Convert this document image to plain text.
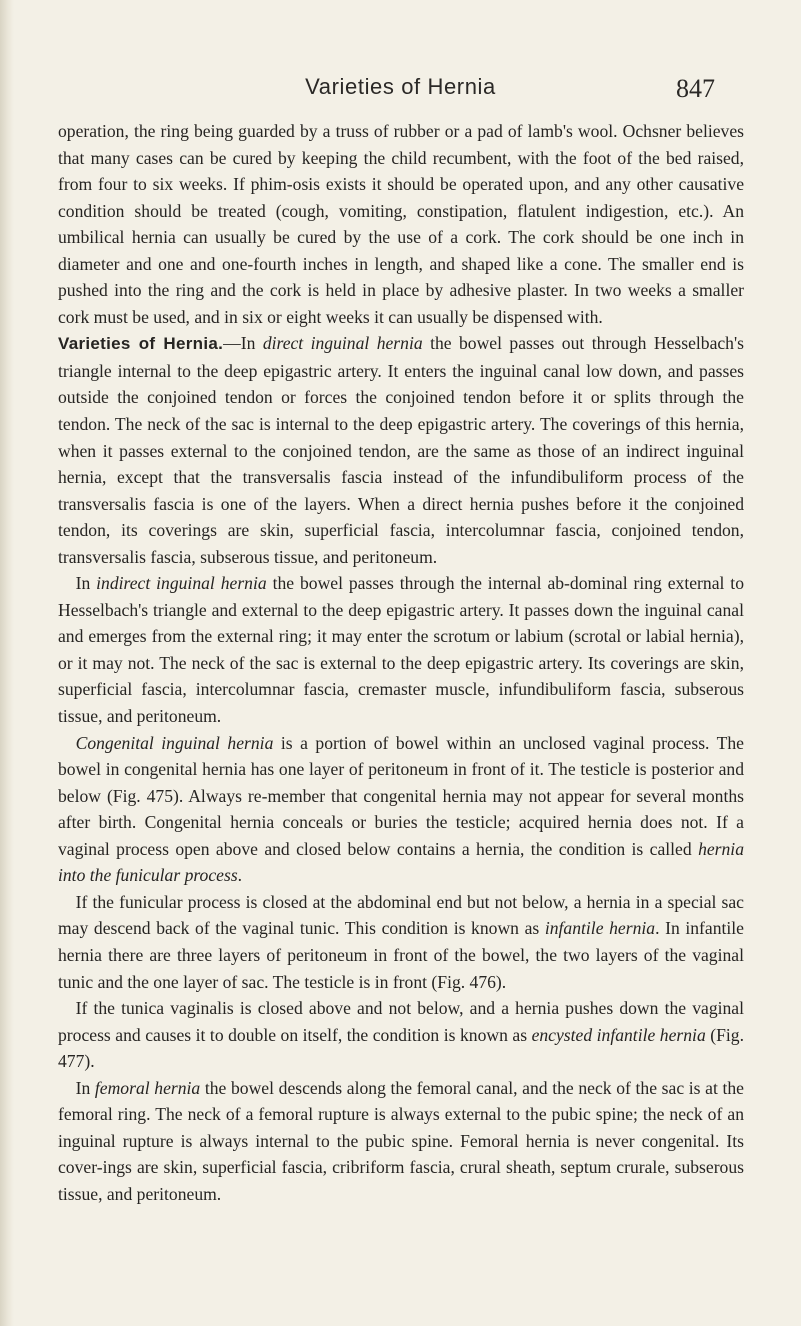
Varieties of Hernia	847

operation, the ring being guarded by a truss of rubber or a pad of lamb's wool. Ochsner believes that many cases can be cured by keeping the child recumbent, with the foot of the bed raised, from four to six weeks. If phim-osis exists it should be operated upon, and any other causative condition should be treated (cough, vomiting, constipation, flatulent indigestion, etc.). An umbilical hernia can usually be cured by the use of a cork. The cork should be one inch in diameter and one and one-fourth inches in length, and shaped like a cone. The smaller end is pushed into the ring and the cork is held in place by adhesive plaster. In two weeks a smaller cork must be used, and in six or eight weeks it can usually be dispensed with.

Varieties of Hernia.—In direct inguinal hernia the bowel passes out through Hesselbach's triangle internal to the deep epigastric artery. It enters the inguinal canal low down, and passes outside the conjoined tendon or forces the conjoined tendon before it or splits through the tendon. The neck of the sac is internal to the deep epigastric artery. The coverings of this hernia, when it passes external to the conjoined tendon, are the same as those of an indirect inguinal hernia, except that the transversalis fascia instead of the infundibuliform process of the transversalis fascia is one of the layers. When a direct hernia pushes before it the conjoined tendon, its coverings are skin, superficial fascia, intercolumnar fascia, conjoined tendon, transversalis fascia, subserous tissue, and peritoneum.

 In indirect inguinal hernia the bowel passes through the internal ab-dominal ring external to Hesselbach's triangle and external to the deep epigastric artery. It passes down the inguinal canal and emerges from the external ring; it may enter the scrotum or labium (scrotal or labial hernia), or it may not. The neck of the sac is external to the deep epigastric artery. Its coverings are skin, superficial fascia, intercolumnar fascia, cremaster muscle, infundibuliform fascia, subserous tissue, and peritoneum.

 Congenital inguinal hernia is a portion of bowel within an unclosed vaginal process. The bowel in congenital hernia has one layer of peritoneum in front of it. The testicle is posterior and below (Fig. 475). Always re-member that congenital hernia may not appear for several months after birth. Congenital hernia conceals or buries the testicle; acquired hernia does not. If a vaginal process open above and closed below contains a hernia, the condition is called hernia into the funicular process.

 If the funicular process is closed at the abdominal end but not below, a hernia in a special sac may descend back of the vaginal tunic. This condition is known as infantile hernia. In infantile hernia there are three layers of peritoneum in front of the bowel, the two layers of the vaginal tunic and the one layer of sac. The testicle is in front (Fig. 476).

 If the tunica vaginalis is closed above and not below, and a hernia pushes down the vaginal process and causes it to double on itself, the condition is known as encysted infantile hernia (Fig. 477).

 In femoral hernia the bowel descends along the femoral canal, and the neck of the sac is at the femoral ring. The neck of a femoral rupture is always external to the pubic spine; the neck of an inguinal rupture is always internal to the pubic spine. Femoral hernia is never congenital. Its cover-ings are skin, superficial fascia, cribriform fascia, crural sheath, septum crurale, subserous tissue, and peritoneum.
